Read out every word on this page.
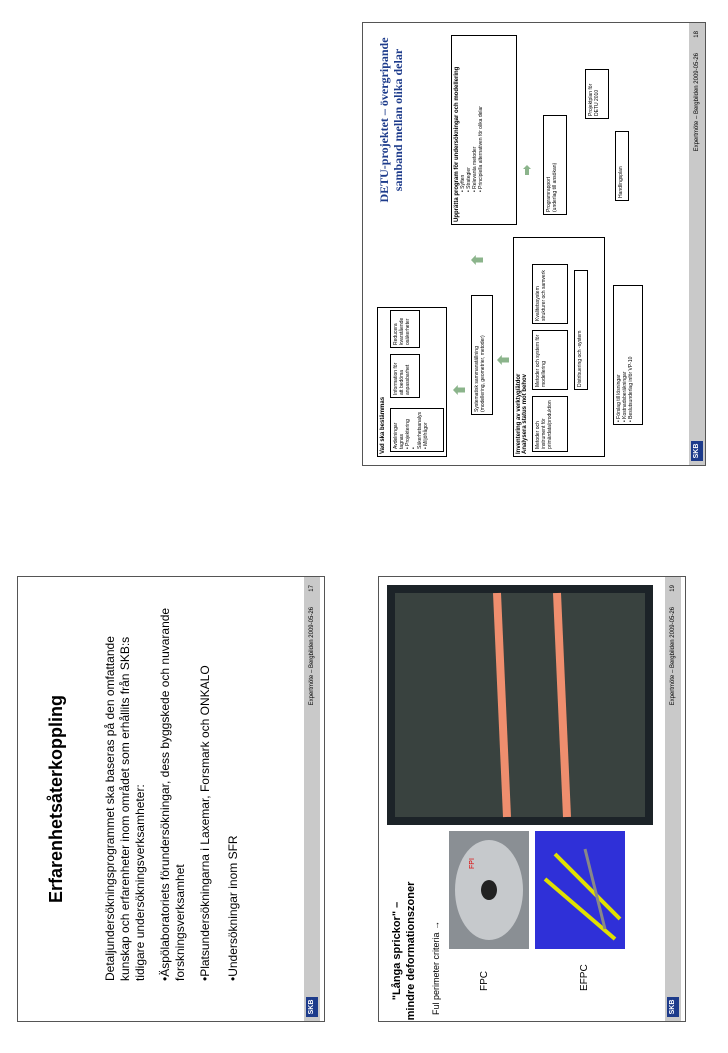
DETU-projektet – övergripande samband mellan olika delar
Vad ska bestämmas	Avdelningar tagnas
• Projektering
• Säkerhetsanalys
• Miljöfrågor
Information för att bedöma anpassbarhet
Reducera kvarstående osäkerheter
Systematisk sammanställning
(modellering, geometrier, metoder)
Inventering av verktyg/ätdor
Analysera status mot behov
Metoder och instrument för primärdata/produktion
Metoder och system för modellering
Kvalitetssystem strukturer och samverk
Distribuering och -system
• Förslag till lösningar
• Kostnadsberäkningar
• Beslutsunderlag inför VP-10
Upprätta program för undersökningar och modellering • Syften
• Strategier
• Relevanta metoder
• Principiella alternativen för olika delar
Programrapport
(underlag till ansökan)	Handlingsplan
Projektplan för DETU 2010
SKB
Expertmöte – Bergbilden 2009-05-26
18
Erfarenhetsåterkoppling	Detaljundersökningsprogrammet ska baseras på den omfattande kunskap och erfarenheter inom området som erhållits från SKB:s tidigare undersökningsverksamheter: •Äspölaboratoriets förundersökningar, dess byggskede och nuvarande forskningsverksamhet •Platsundersökningarna i Laxemar, Forsmark och ONKALO •Undersökningar inom SFR
SKB
Expertmöte – Bergbilden 2009-05-26
17
"Långa sprickor" – mindre deformationszoner Ful perimeter criteria →	FPC	EFPC
FPI
SKB
Expertmöte – Bergbilden 2009-05-26
19
